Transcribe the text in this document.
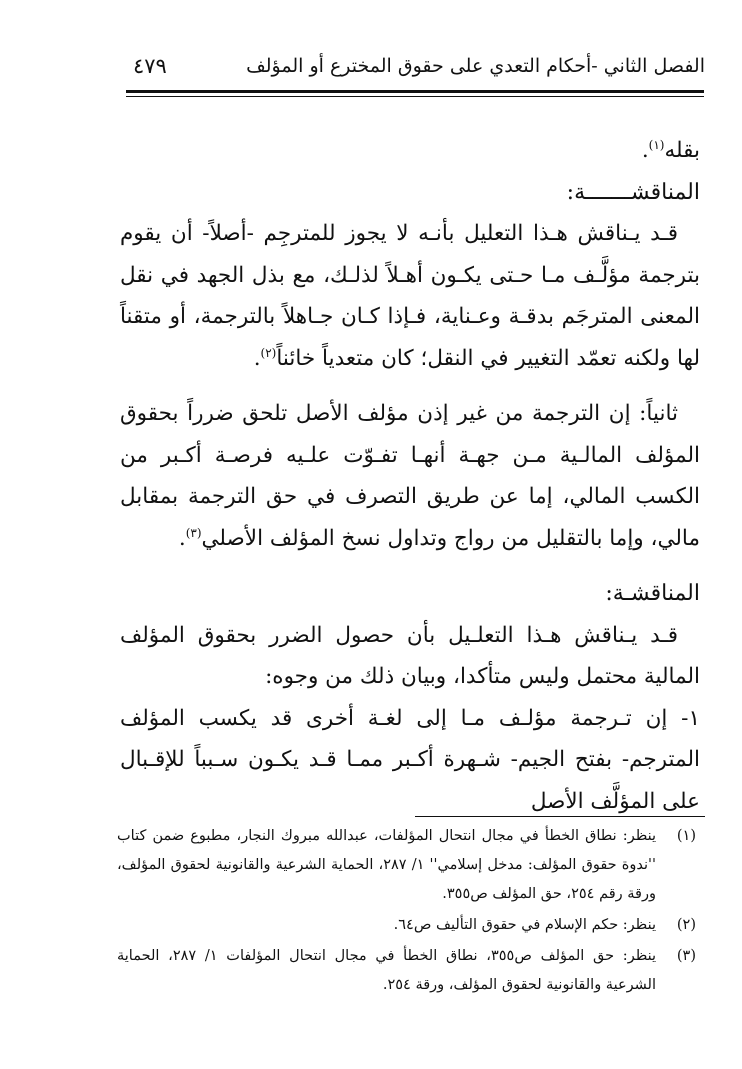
الفصل الثاني -أحكام التعدي على حقوق المخترع أو المؤلف
٤٧٩

بقله$^{(١)}$.

المناقشـــــــة:

قـد يـناقش هـذا التعليل بأنـه لا يجوز للمترجِم -أصلاً- أن يقوم بترجمة مؤلَّـف مـا حـتى يكـون أهـلاً لذلـك، مع بذل الجهد في نقل المعنى المترجَم بدقـة وعـناية، فـإذا كـان جـاهلاً بالترجمة، أو متقناً لها ولكنه تعمّد التغيير في النقل؛ كان متعدياً خائناً$^{(٢)}$.

ثانياً: إن الترجمة من غير إذن مؤلف الأصل تلحق ضرراً بحقوق المؤلف المالـية مـن جهـة أنهـا تفـوّت علـيه فرصـة أكـبر من الكسب المالي، إما عن طريق التصرف في حق الترجمة بمقابل مالي، وإما بالتقليل من رواج وتداول نسخ المؤلف الأصلي$^{(٣)}$.

المناقشـة:

قـد يـناقش هـذا التعلـيل بأن حصول الضرر بحقوق المؤلف المالية محتمل وليس متأكدا، وبيان ذلك من وجوه:

١- إن تـرجمة مؤلـف مـا إلى لغـة أخرى قد يكسب المؤلف المترجم- بفتح الجيم- شـهرة أكـبر ممـا قـد يكـون سـبباً للإقـبال على المؤلَّف الأصل

(١)
ينظر: نطاق الخطأ في مجال انتحال المؤلفات، عبدالله مبروك النجار، مطبوع ضمن كتاب ''ندوة حقوق المؤلف: مدخل إسلامي'' ١/ ٢٨٧، الحماية الشرعية والقانونية لحقوق المؤلف، ورقة رقم ٢٥٤، حق المؤلف ص٣٥٥.

(٢)
ينظر: حكم الإسلام في حقوق التأليف ص٦٤.

(٣)
ينظر: حق المؤلف ص٣٥٥، نطاق الخطأ في مجال انتحال المؤلفات ١/ ٢٨٧، الحماية الشرعية والقانونية لحقوق المؤلف، ورقة ٢٥٤.
